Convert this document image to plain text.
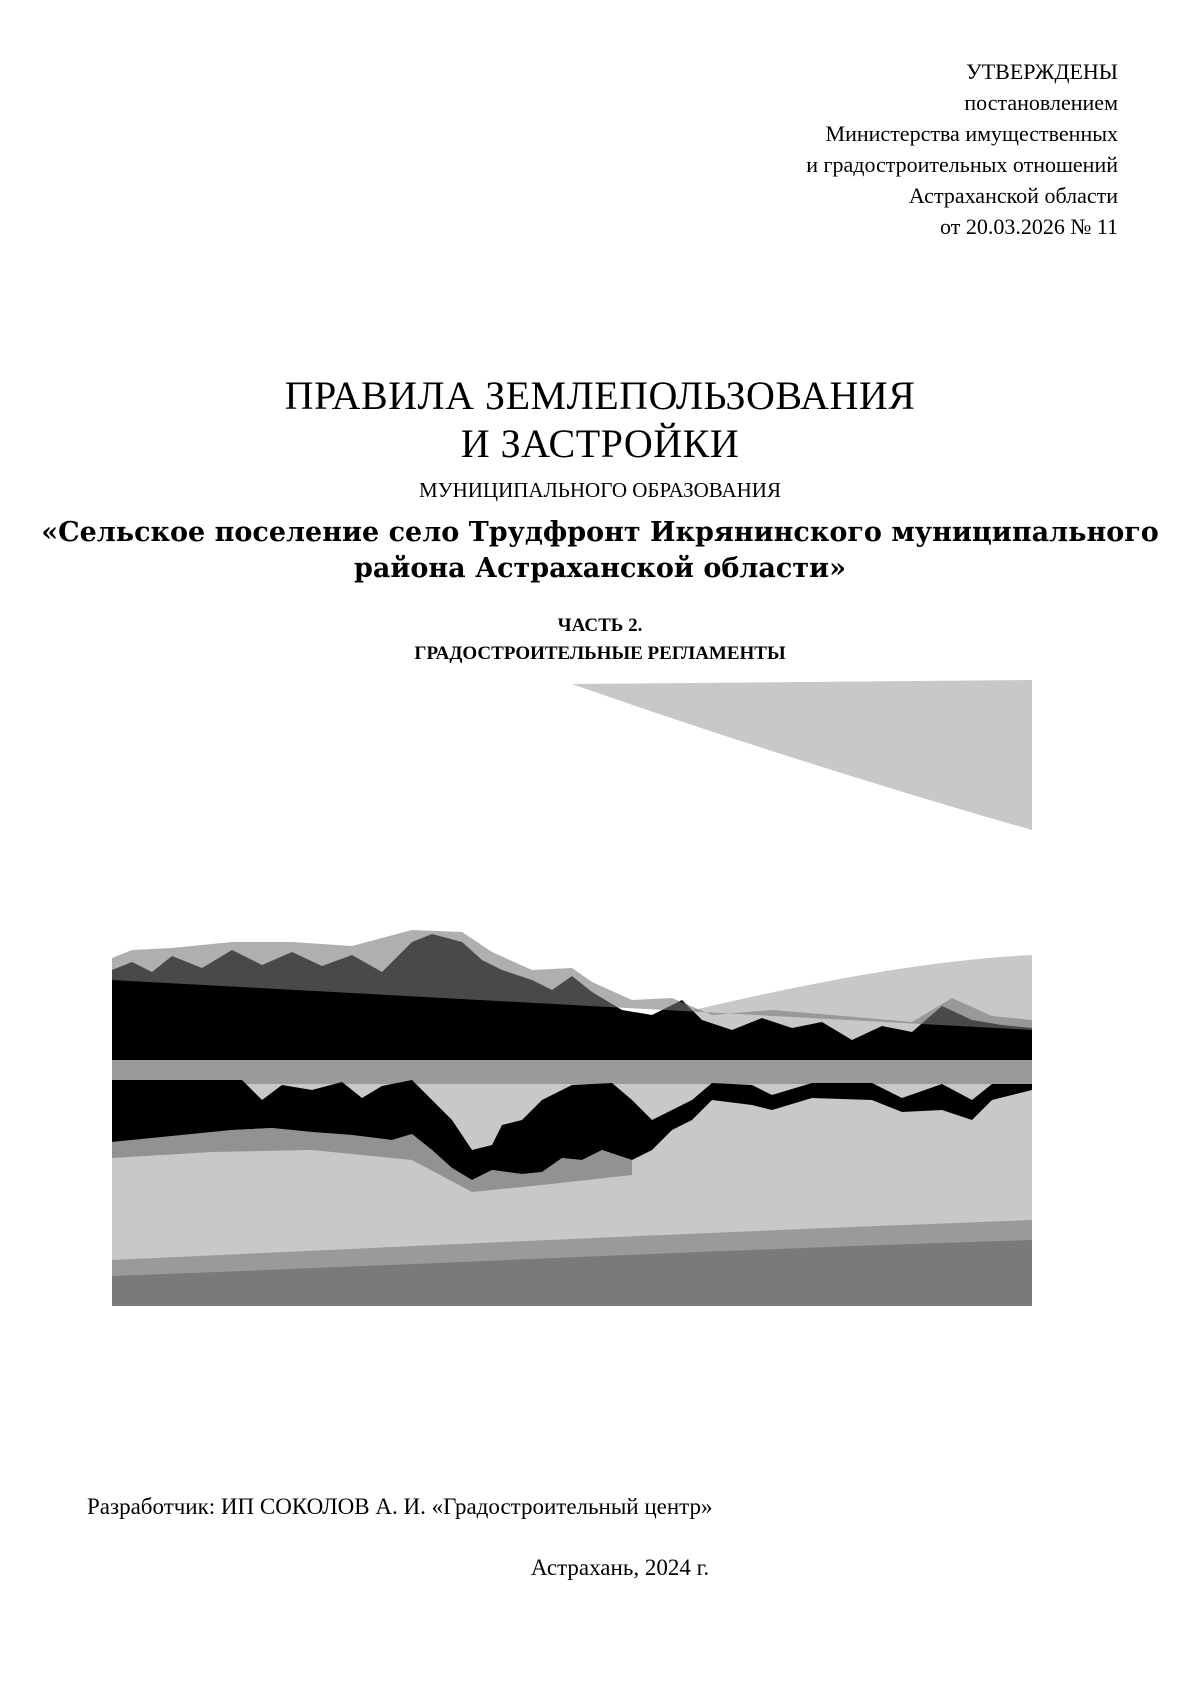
УТВЕРЖДЕНЫ
постановлением
Министерства имущественных
и градостроительных отношений
Астраханской области
от 20.03.2026 № 11
ПРАВИЛА ЗЕМЛЕПОЛЬЗОВАНИЯ
И ЗАСТРОЙКИ
МУНИЦИПАЛЬНОГО ОБРАЗОВАНИЯ
«Сельское поселение село Трудфронт Икрянинского муниципального
района Астраханской области»
ЧАСТЬ 2.
ГРАДОСТРОИТЕЛЬНЫЕ РЕГЛАМЕНТЫ
Разработчик: ИП СОКОЛОВ А. И. «Градостроительный центр»
Астрахань, 2024 г.
